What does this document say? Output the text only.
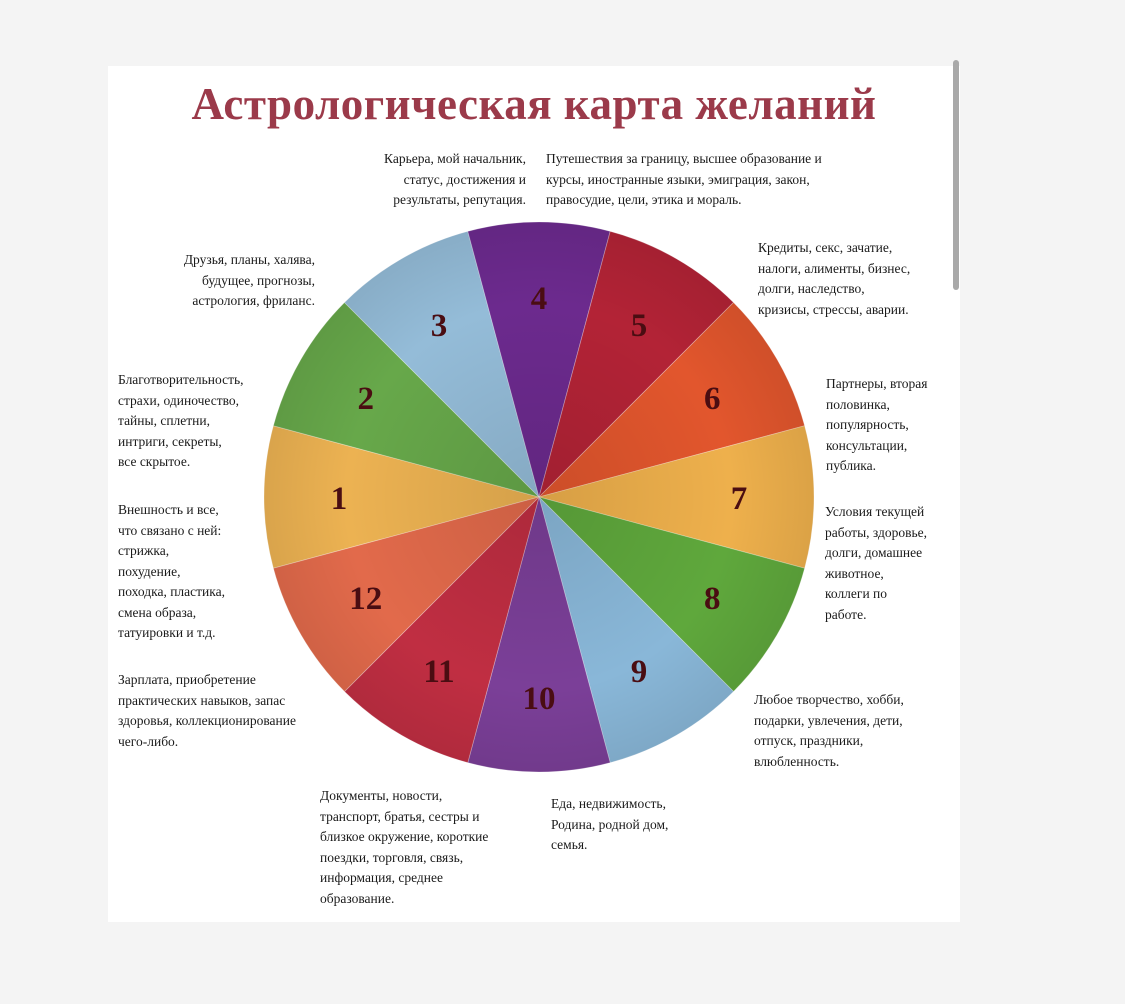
Астрологическая карта желаний
1
2
3
4
5
6
7
8
9
10
11
12

Внешность и все,
что связано с ней:
стрижка,
похудение,
походка, пластика,
смена образа,
татуировки и т.д.

Зарплата, приобретение
практических навыков, запас
здоровья, коллекционирование
чего-либо.

Документы, новости,
транспорт, братья, сестры и
близкое окружение, короткие
поездки, торговля, связь,
информация, среднее
образование.

Еда, недвижимость,
Родина, родной дом,
семья.

Любое творчество, хобби,
подарки, увлечения, дети,
отпуск, праздники,
влюбленность.

Условия текущей
работы, здоровье,
долги, домашнее
животное,
коллеги по
работе.

Партнеры, вторая
половинка,
популярность,
консультации,
публика.

Кредиты, секс, зачатие,
налоги, алименты, бизнес,
долги, наследство,
кризисы, стрессы, аварии.

Путешествия за границу, высшее образование и
курсы, иностранные языки, эмиграция, закон,
правосудие, цели, этика и мораль.

Карьера, мой начальник,
статус, достижения и
результаты, репутация.

Друзья, планы, халява,
будущее, прогнозы,
астрология, фриланс.

Благотворительность,
страхи, одиночество,
тайны, сплетни,
интриги, секреты,
все скрытое.
